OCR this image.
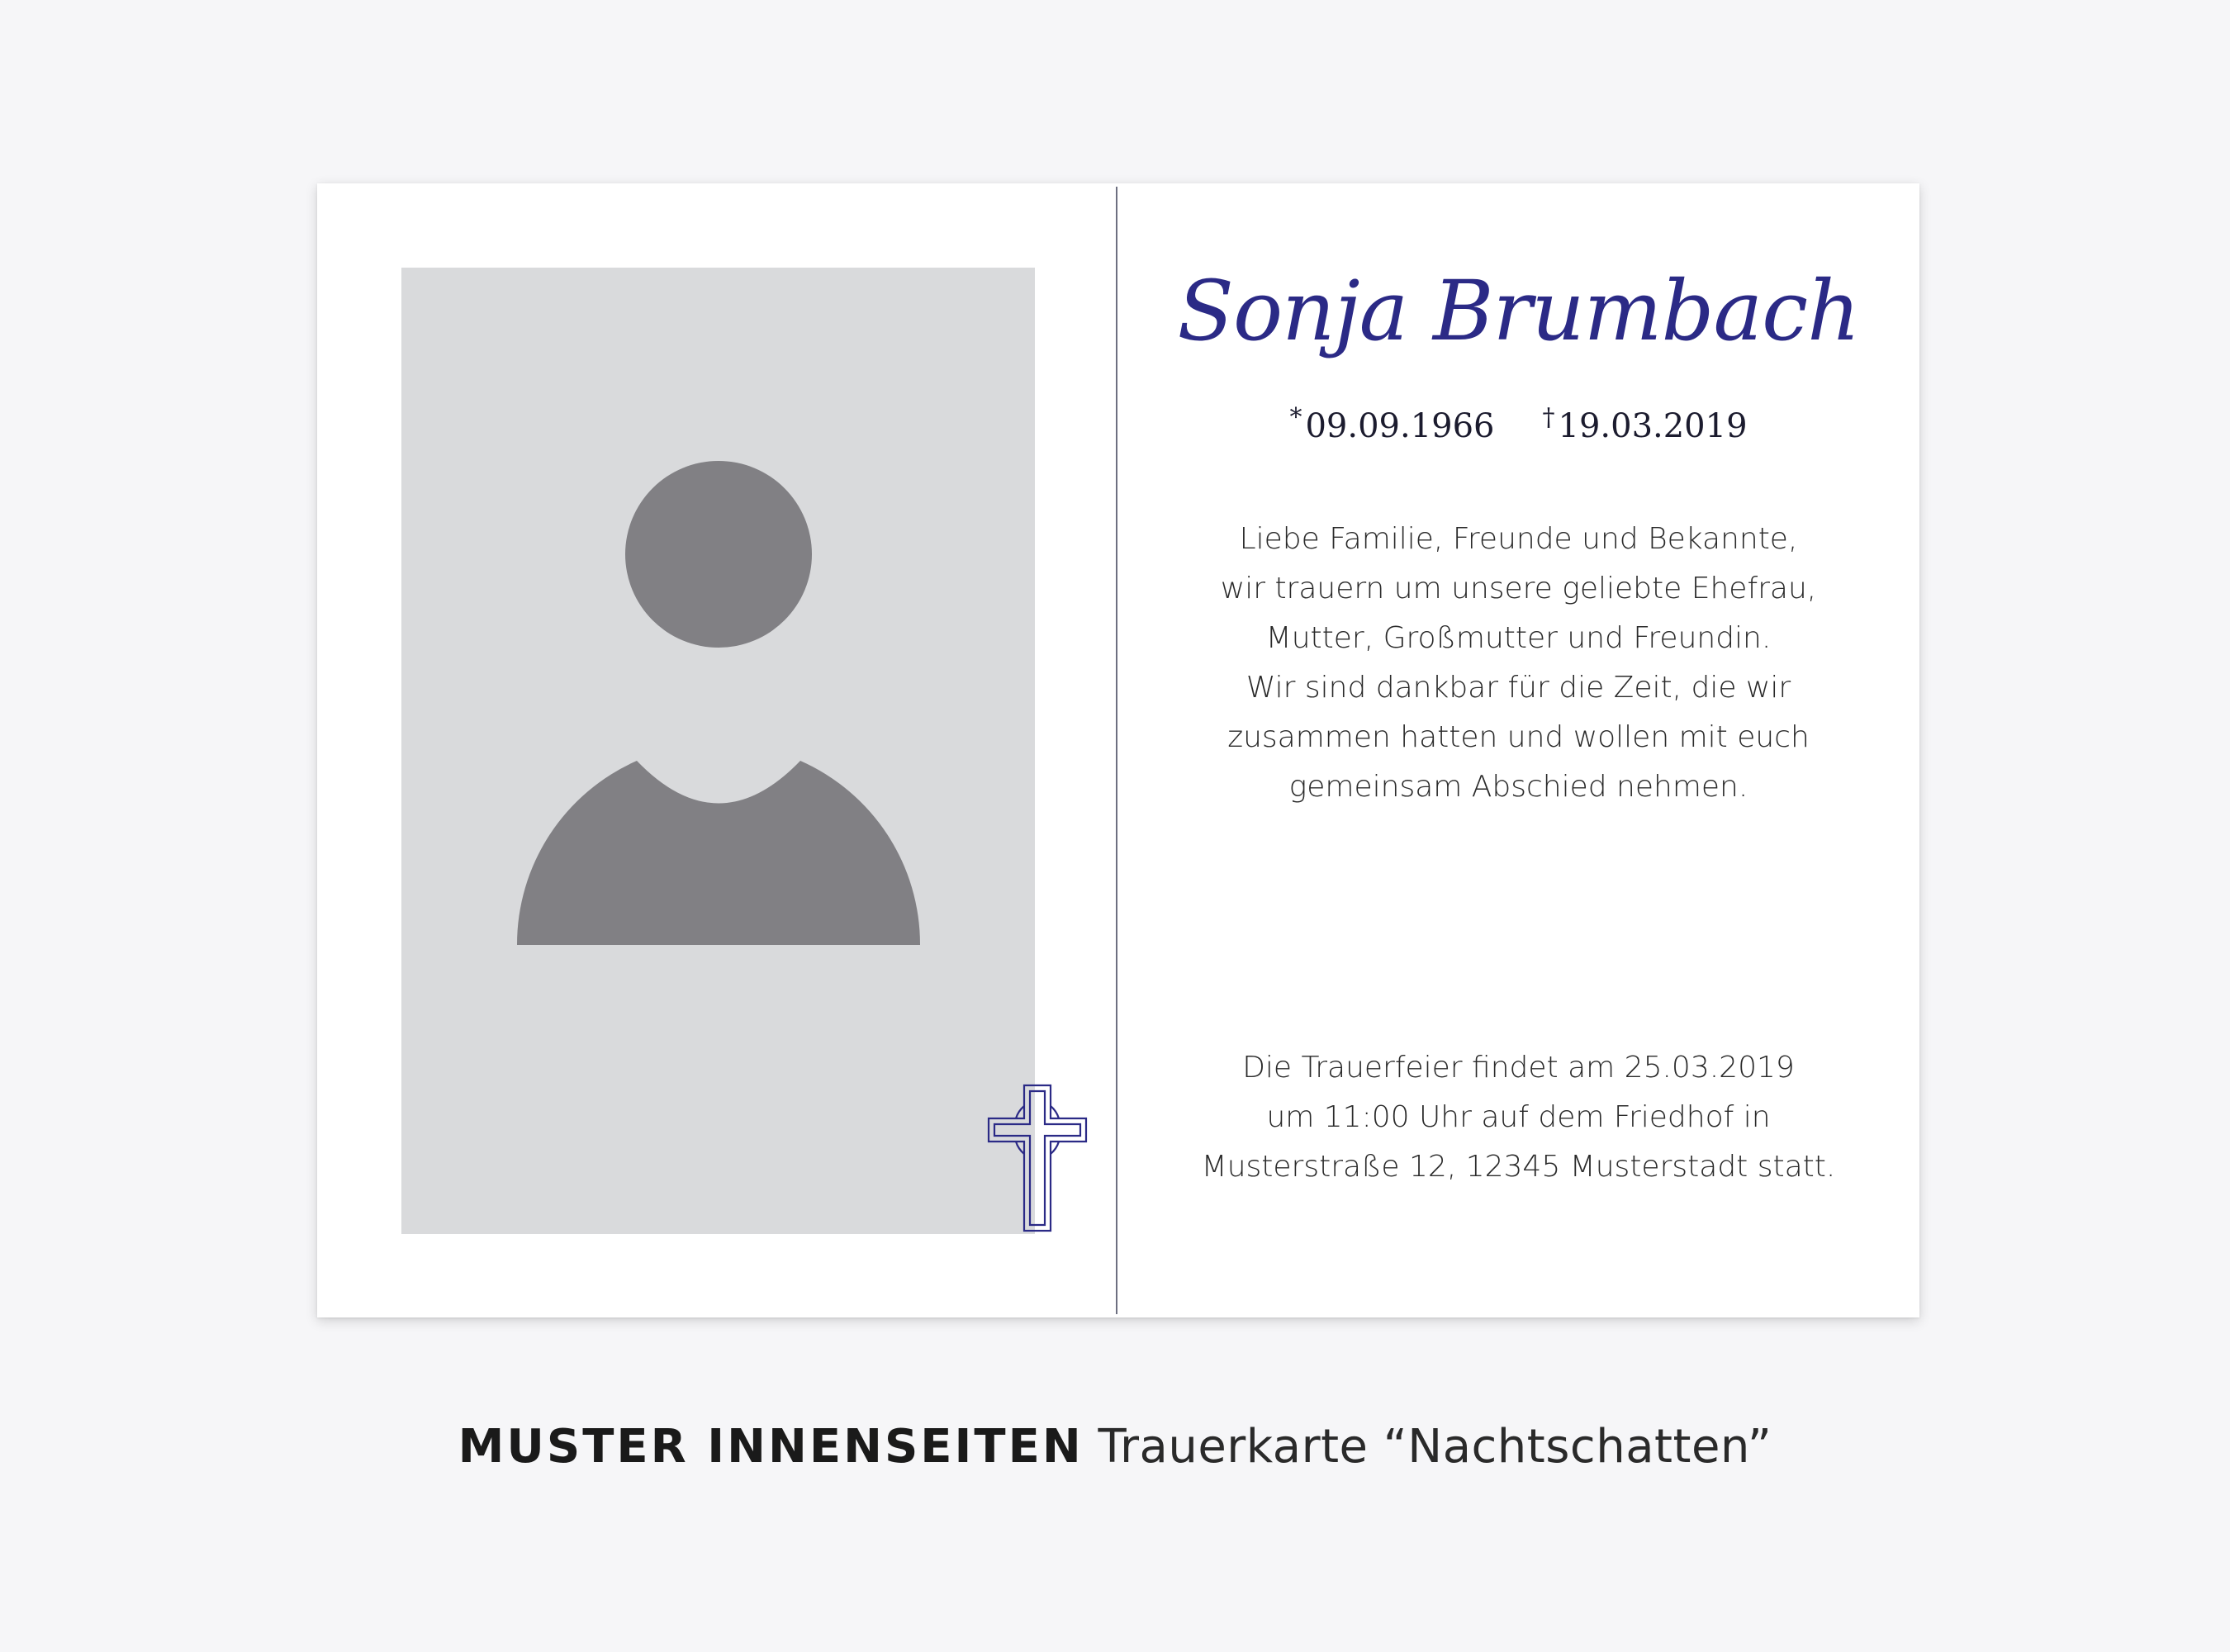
Sonja Brumbach
* 09.09.1966 † 19.03.2019
Liebe Familie, Freunde und Bekannte,
wir trauern um unsere geliebte Ehefrau,
Mutter, Großmutter und Freundin.
Wir sind dankbar für die Zeit, die wir
zusammen hatten und wollen mit euch
gemeinsam Abschied nehmen.
Die Trauerfeier findet am 25.03.2019
um 11:00 Uhr auf dem Friedhof in
Musterstraße 12, 12345 Musterstadt statt.
MUSTER INNENSEITEN Trauerkarte “Nachtschatten”
